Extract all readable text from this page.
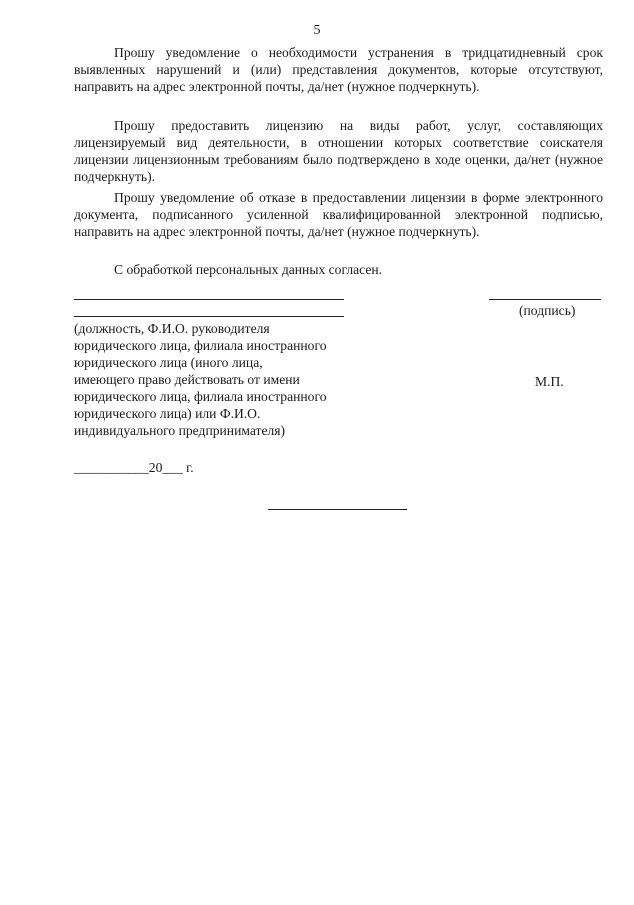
5

Прошу уведомление о необходимости устранения в тридцатидневный срок выявленных нарушений и (или) представления документов, которые отсутствуют, направить на адрес электронной почты, да/нет (нужное подчеркнуть).

Прошу предоставить лицензию на виды работ, услуг, составляющих лицензируемый вид деятельности, в отношении которых соответствие соискателя лицензии лицензионным требованиям было подтверждено в ходе оценки, да/нет (нужное подчеркнуть).

Прошу уведомление об отказе в предоставлении лицензии в форме электронного документа, подписанного усиленной квалифицированной электронной подписью, направить на адрес электронной почты, да/нет (нужное подчеркнуть).

С обработкой персональных данных согласен.

(подпись)
(должность, Ф.И.О. руководителя
юридического лица, филиала иностранного
юридического лица (иного лица,
имеющего право действовать от имени
юридического лица, филиала иностранного
юридического лица) или Ф.И.О.
индивидуального предпринимателя)
М.П.
___________20___ г.
